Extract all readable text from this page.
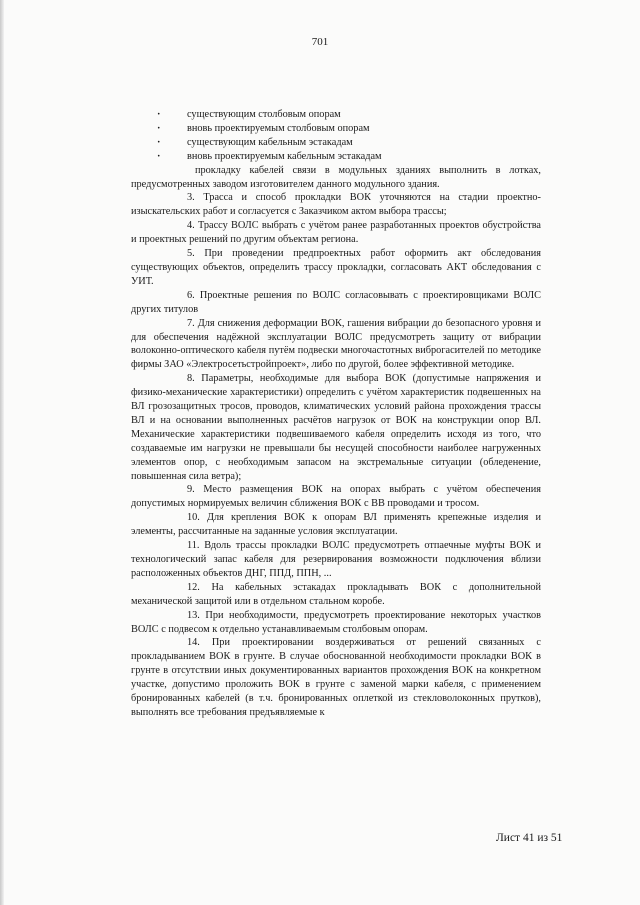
701
· существующим столбовым опорам
· вновь проектируемым столбовым опорам
· существующим кабельным эстакадам
· вновь проектируемым кабельным эстакадам

прокладку кабелей связи в модульных зданиях выполнить в лотках, предусмотренных заводом изготовителем данного модульного здания.

3. Трасса и способ прокладки ВОК уточняются на стадии проектно-изыскательских работ и согласуется с Заказчиком актом выбора трассы;

4. Трассу ВОЛС выбрать с учётом ранее разработанных проектов обустройства и проектных решений по другим объектам региона.

5. При проведении предпроектных работ оформить акт обследования существующих объектов, определить трассу прокладки, согласовать АКТ обследования с УИТ.

6. Проектные решения по ВОЛС согласовывать с проектировщиками ВОЛС других титулов

7. Для снижения деформации ВОК, гашения вибрации до безопасного уровня и для обеспечения надёжной эксплуатации ВОЛС предусмотреть защиту от вибрации волоконно-оптического кабеля путём подвески многочастотных виброгасителей по методике фирмы ЗАО «Электросетьстройпроект», либо по другой, более эффективной методике.

8. Параметры, необходимые для выбора ВОК (допустимые напряжения и физико-механические характеристики) определить с учётом характеристик подвешенных на ВЛ грозозащитных тросов, проводов, климатических условий района прохождения трассы ВЛ и на основании выполненных расчётов нагрузок от ВОК на конструкции опор ВЛ. Механические характеристики подвешиваемого кабеля определить исходя из того, что создаваемые им нагрузки не превышали бы несущей способности наиболее нагруженных элементов опор, с необходимым запасом на экстремальные ситуации (обледенение, повышенная сила ветра);

9. Место размещения ВОК на опорах выбрать с учётом обеспечения допустимых нормируемых величин сближения ВОК с ВВ проводами и тросом.

10. Для крепления ВОК к опорам ВЛ применять крепежные изделия и элементы, рассчитанные на заданные условия эксплуатации.

11. Вдоль трассы прокладки ВОЛС предусмотреть отпаечные муфты ВОК и технологический запас кабеля для резервирования возможности подключения вблизи расположенных объектов ДНГ, ППД, ППН, ...

12. На кабельных эстакадах прокладывать ВОК с дополнительной механической защитой или в отдельном стальном коробе.

13. При необходимости, предусмотреть проектирование некоторых участков ВОЛС с подвесом к отдельно устанавливаемым столбовым опорам.

14. При проектировании воздерживаться от решений связанных с прокладыванием ВОК в грунте. В случае обоснованной необходимости прокладки ВОК в грунте в отсутствии иных документированных вариантов прохождения ВОК на конкретном участке, допустимо проложить ВОК в грунте с заменой марки кабеля, с применением бронированных кабелей (в т.ч. бронированных оплеткой из стекловолоконных прутков), выполнять все требования предъявляемые к

Лист 41 из 51
